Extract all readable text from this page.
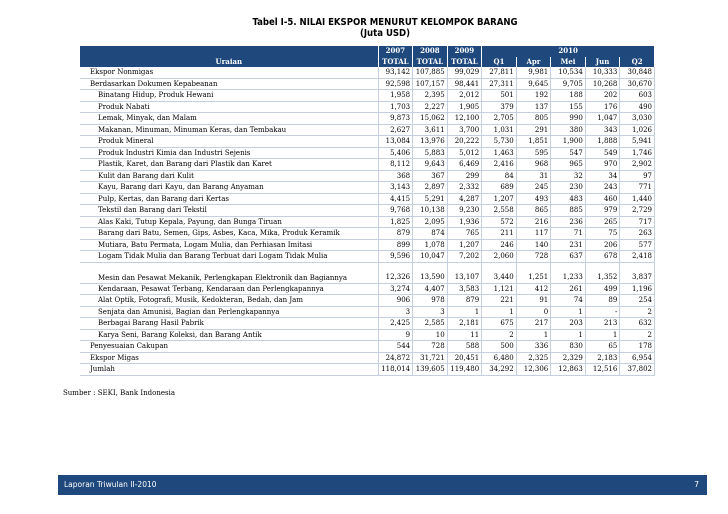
Tabel I-5. NILAI EKSPOR MENURUT KELOMPOK BARANG
(Juta USD)
	2007	2008	2009	2010				
Uraian	TOTAL	TOTAL	TOTAL	Q1	Apr	Mei	Jun	Q2
Ekspor Nonmigas	93,142	107,885	99,029	27,811	9,981	10,534	10,333	30,848
Berdasarkan Dokumen Kepabeanan	92,598	107,157	98,441	27,311	9,645	9,705	10,268	30,670
Binatang Hidup, Produk Hewani	1,958	2,395	2,012	501	192	188	202	603
Produk Nabati	1,703	2,227	1,905	379	137	155	176	490
Lemak, Minyak, dan Malam	9,873	15,062	12,100	2,705	805	990	1,047	3,030
Makanan, Minuman, Minuman Keras, dan Tembakau	2,627	3,611	3,700	1,031	291	380	343	1,026
Produk Mineral	13,084	13,976	20,222	5,730	1,851	1,900	1,888	5,941
Produk Industri Kimia dan Industri Sejenis	5,406	5,883	5,012	1,463	595	547	549	1,746
Plastik, Karet, dan Barang dari Plastik dan Karet	8,112	9,643	6,469	2,416	968	965	970	2,902
Kulit dan Barang dari Kulit	368	367	299	84	31	32	34	97
Kayu, Barang dari Kayu, dan Barang Anyaman	3,143	2,897	2,332	689	245	230	243	771
Pulp, Kertas, dan Barang dari Kertas	4,415	5,291	4,287	1,207	493	483	460	1,440
Tekstil dan Barang dari Tekstil	9,768	10,138	9,230	2,558	865	885	979	2,729
Alas Kaki, Tutup Kepala, Payung, dan Bunga Tiruan	1,825	2,095	1,936	572	216	236	265	717
Barang dari Batu, Semen, Gips, Asbes, Kaca, Mika, Produk Keramik	879	874	765	211	117	71	75	263
Mutiara, Batu Permata, Logam Mulia, dan Perhiasan Imitasi	899	1,078	1,207	246	140	231	206	577
Logam Tidak Mulia dan Barang Terbuat dari Logam Tidak Mulia	9,596	10,047	7,202	2,060	728	637	678	2,418
Mesin dan Pesawat Mekanik, Perlengkapan Elektronik dan Bagiannya	12,326	13,590	13,107	3,440	1,251	1,233	1,352	3,837
Kendaraan, Pesawat Terbang, Kendaraan dan Perlengkapannya	3,274	4,407	3,583	1,121	412	261	499	1,196
Alat Optik, Fotografi, Musik, Kedokteran, Bedah, dan Jam	906	978	879	221	91	74	89	254
Senjata dan Amunisi, Bagian dan Perlengkapannya	3	3	1	1	0	1	-	2
Berbagai Barang Hasil Pabrik	2,425	2,585	2,181	675	217	203	213	632
Karya Seni, Barang Koleksi, dan Barang Antik	9	10	11	2	1	1	1	2
Penyesuaian Cakupan	544	728	588	500	336	830	65	178
Ekspor Migas	24,872	31,721	20,451	6,480	2,325	2,329	2,183	6,954
Jumlah	118,014	139,605	119,480	34,292	12,306	12,863	12,516	37,802
Sumber : SEKI, Bank Indonesia
Laporan Triwulan II-2010	7
